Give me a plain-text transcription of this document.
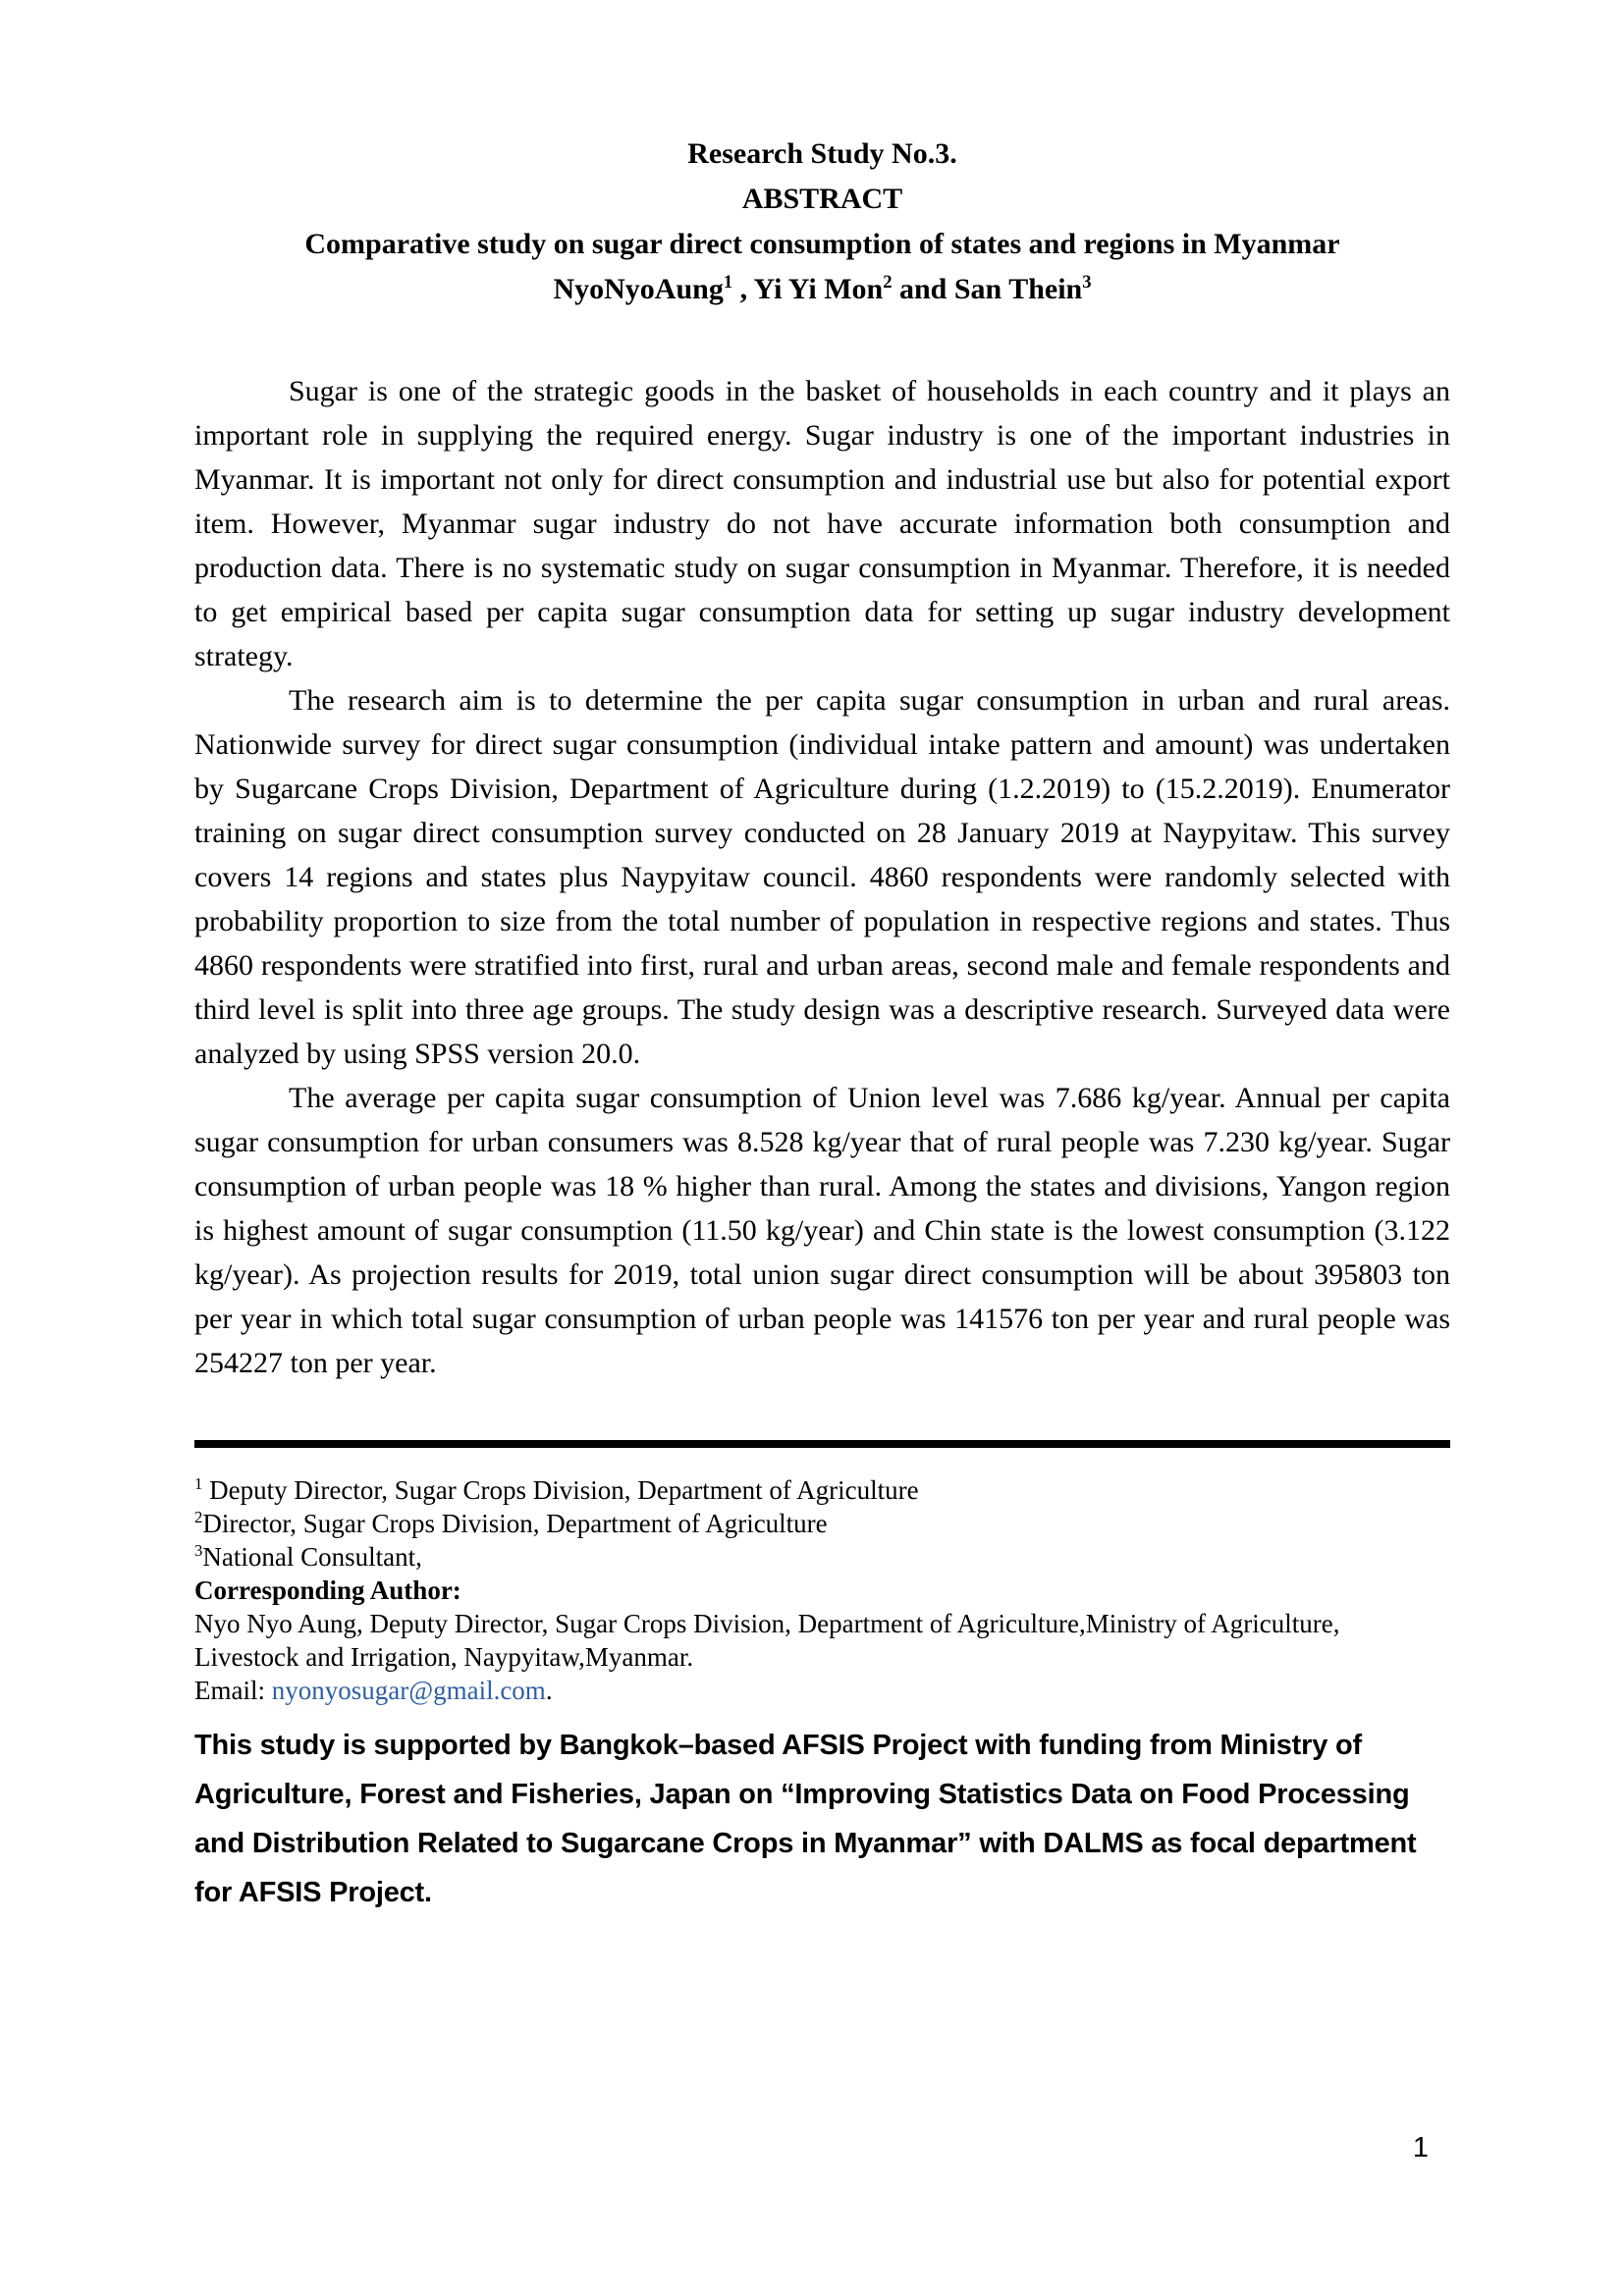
Research Study No.3.
ABSTRACT
Comparative study on sugar direct consumption of states and regions in Myanmar
NyoNyoAung$^1$ , Yi Yi Mon$^2$ and San Thein$^3$

Sugar is one of the strategic goods in the basket of households in each country and it plays an important role in supplying the required energy. Sugar industry is one of the important industries in Myanmar. It is important not only for direct consumption and industrial use but also for potential export item. However, Myanmar sugar industry do not have accurate information both consumption and production data. There is no systematic study on sugar consumption in Myanmar. Therefore, it is needed to get empirical based per capita sugar consumption data for setting up sugar industry development strategy.

The research aim is to determine the per capita sugar consumption in urban and rural areas. Nationwide survey for direct sugar consumption (individual intake pattern and amount) was undertaken by Sugarcane Crops Division, Department of Agriculture during (1.2.2019) to (15.2.2019). Enumerator training on sugar direct consumption survey conducted on 28 January 2019 at Naypyitaw. This survey covers 14 regions and states plus Naypyitaw council. 4860 respondents were randomly selected with probability proportion to size from the total number of population in respective regions and states. Thus 4860 respondents were stratified into first, rural and urban areas, second male and female respondents and third level is split into three age groups. The study design was a descriptive research. Surveyed data were analyzed by using SPSS version 20.0.

The average per capita sugar consumption of Union level was 7.686 kg/year. Annual per capita sugar consumption for urban consumers was 8.528 kg/year that of rural people was 7.230 kg/year. Sugar consumption of urban people was 18 % higher than rural. Among the states and divisions, Yangon region is highest amount of sugar consumption (11.50 kg/year) and Chin state is the lowest consumption (3.122 kg/year). As projection results for 2019, total union sugar direct consumption will be about 395803 ton per year in which total sugar consumption of urban people was 141576 ton per year and rural people was 254227 ton per year.

$^1$ Deputy Director, Sugar Crops Division, Department of Agriculture

$^2$Director, Sugar Crops Division, Department of Agriculture

$^3$National Consultant,

Corresponding Author:

Nyo Nyo Aung, Deputy Director, Sugar Crops Division, Department of Agriculture,Ministry of Agriculture, Livestock and Irrigation, Naypyitaw,Myanmar.

Email: nyonyosugar@gmail.com.

This study is supported by Bangkok–based AFSIS Project with funding from Ministry of Agriculture, Forest and Fisheries, Japan on “Improving Statistics Data on Food Processing and Distribution Related to Sugarcane Crops in Myanmar” with DALMS as focal department for AFSIS Project.
1
